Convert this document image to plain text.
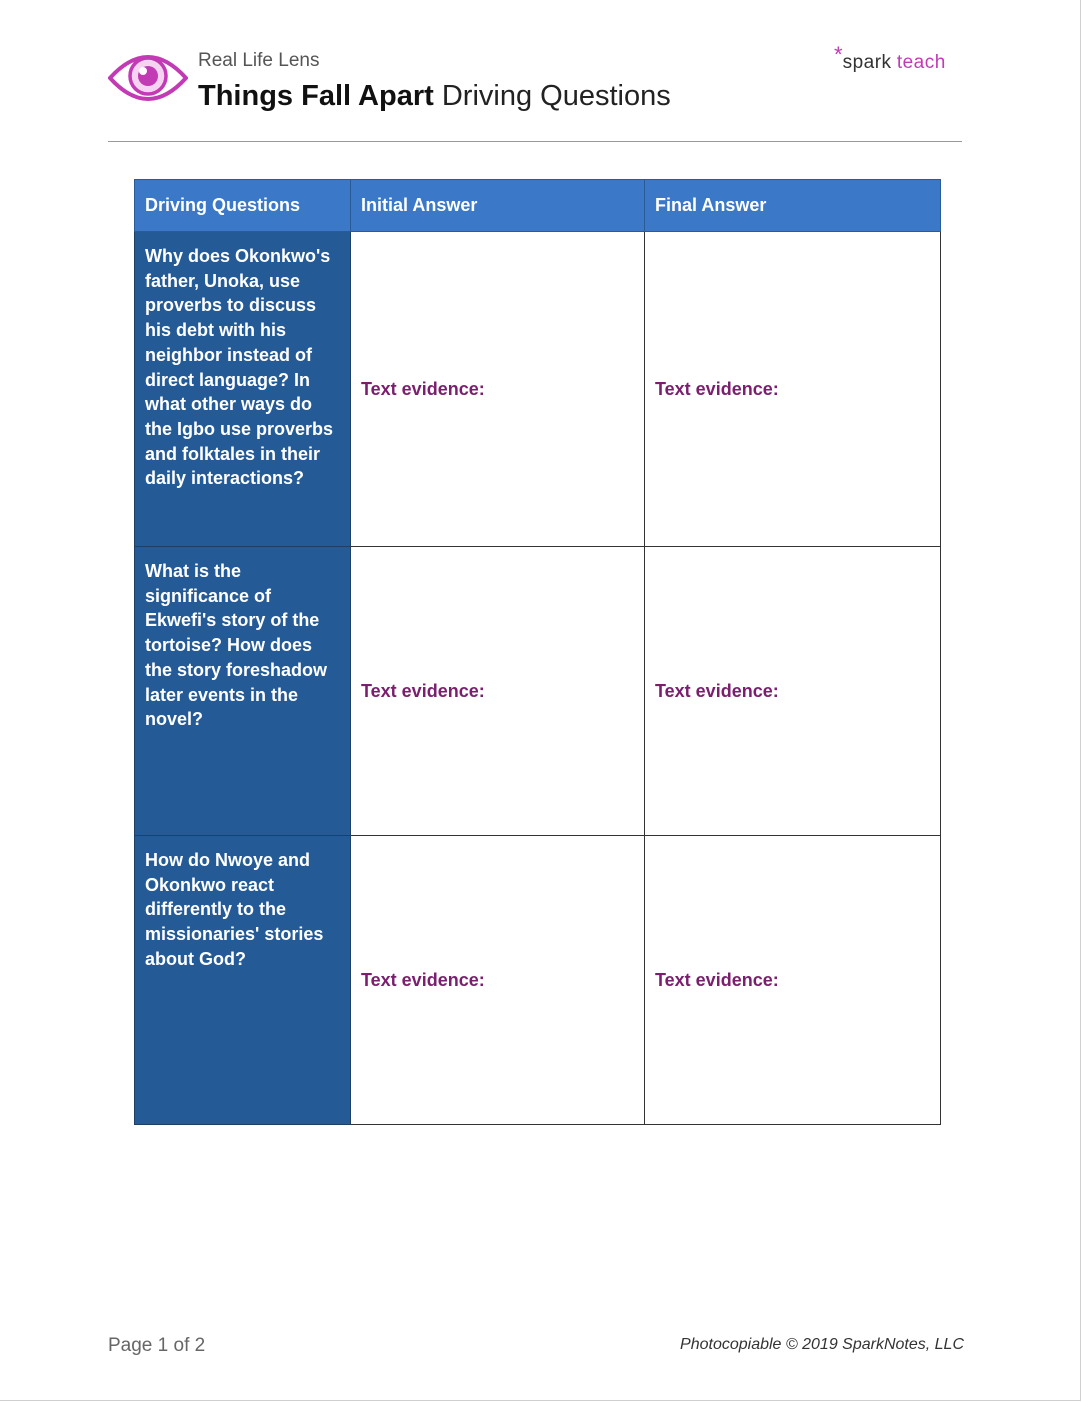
Real Life Lens
Things Fall Apart Driving Questions
*spark teach
Driving Questions	Initial Answer	Final Answer
Why does Okonkwo's father, Unoka, use proverbs to discuss his debt with his neighbor instead of direct language? In what other ways do the Igbo use proverbs and folktales in their daily interactions?	Text evidence:	Text evidence:
What is the significance of Ekwefi's story of the tortoise? How does the story foreshadow later events in the novel?	Text evidence:	Text evidence:
How do Nwoye and Okonkwo react differently to the missionaries' stories about God?	Text evidence:	Text evidence:
Page 1 of 2	Photocopiable © 2019 SparkNotes, LLC
